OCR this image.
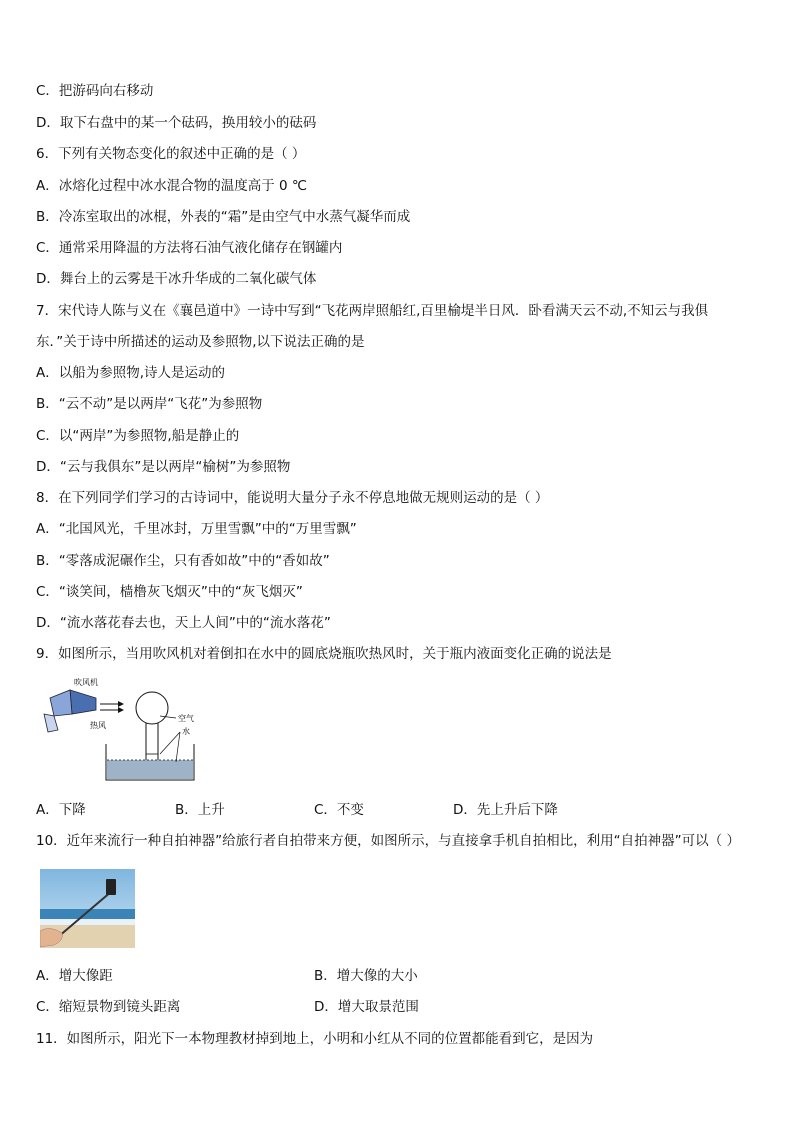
C．把游码向右移动
D．取下右盘中的某一个砝码，换用较小的砝码
6．下列有关物态变化的叙述中正确的是（ ）
A．冰熔化过程中冰水混合物的温度高于 0 ℃
B．冷冻室取出的冰棍，外表的“霜”是由空气中水蒸气凝华而成
C．通常采用降温的方法将石油气液化储存在钢罐内
D．舞台上的云雾是干冰升华成的二氧化碳气体
7．宋代诗人陈与义在《襄邑道中》一诗中写到“飞花两岸照船红,百里榆堤半日风．卧看满天云不动,不知云与我俱
东．”关于诗中所描述的运动及参照物,以下说法正确的是
A．以船为参照物,诗人是运动的
B．“云不动”是以两岸“飞花”为参照物
C．以“两岸”为参照物,船是静止的
D．“云与我俱东”是以两岸“榆树”为参照物
8．在下列同学们学习的古诗词中，能说明大量分子永不停息地做无规则运动的是（ ）
A．“北国风光，千里冰封，万里雪飘”中的“万里雪飘”
B．“零落成泥碾作尘，只有香如故”中的“香如故”
C．“谈笑间，樯橹灰飞烟灭”中的“灰飞烟灭”
D．“流水落花春去也，天上人间”中的“流水落花”
9．如图所示，当用吹风机对着倒扣在水中的圆底烧瓶吹热风时，关于瓶内液面变化正确的说法是
吹风机
热风
空气
水
A．下降	B．上升	C．不变	D．先上升后下降
10．近年来流行一种自拍神器”给旅行者自拍带来方便，如图所示，与直接拿手机自拍相比，利用“自拍神器”可以（ ）
A．增大像距	B．增大像的大小
C．缩短景物到镜头距离	D．增大取景范围
11．如图所示，阳光下一本物理教材掉到地上，小明和小红从不同的位置都能看到它，是因为
